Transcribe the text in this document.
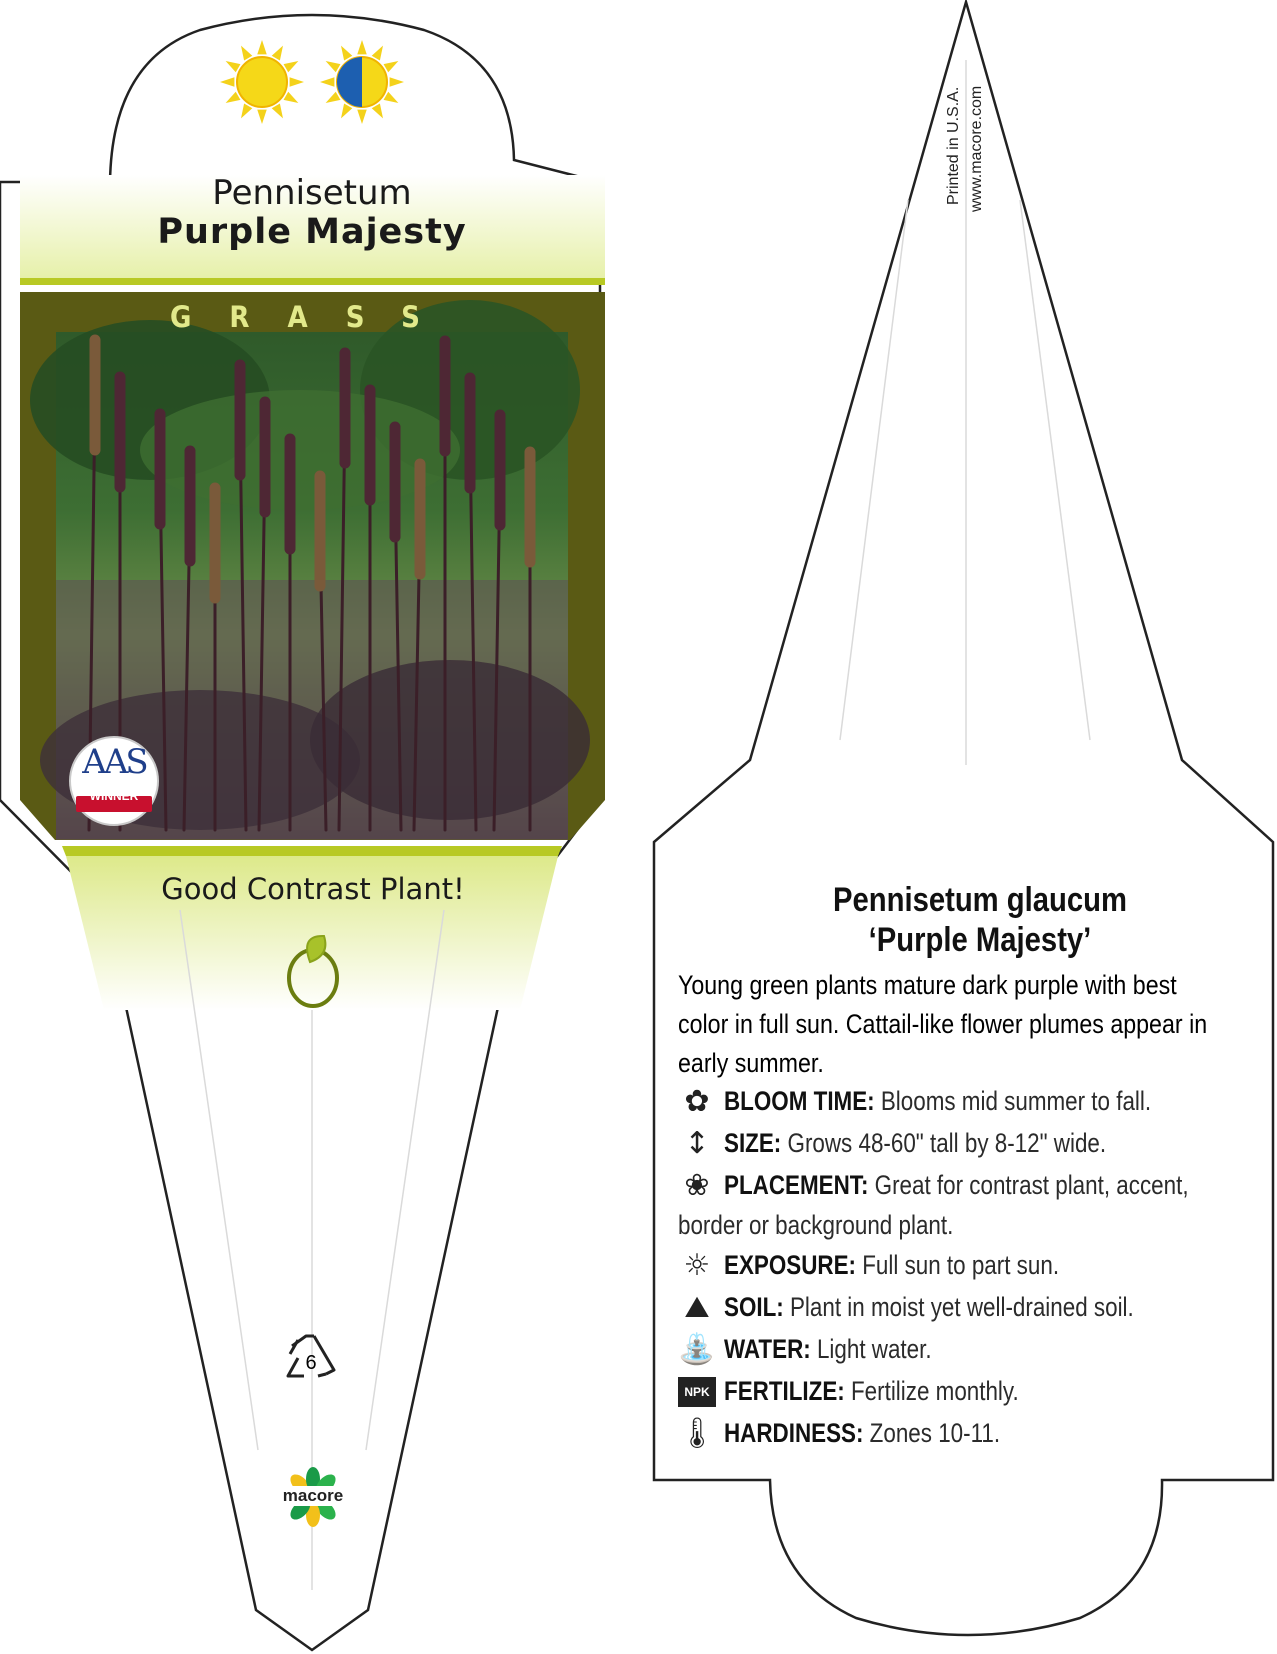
Pennisetum
Purple Majesty
GRASS
Good Contrast Plant!
AAS
WINNER
6
macore
Printed in U.S.A. www.macore.com
Pennisetum glaucum
‘Purple Majesty’
Young green plants mature dark purple with best color in full sun. Cattail-like flower plumes appear in early summer.
✿ BLOOM TIME: Blooms mid summer to fall.
↕ SIZE: Grows 48-60" tall by 8-12" wide.
❀ PLACEMENT: Great for contrast plant, accent,
border or background plant.
☼ EXPOSURE: Full sun to part sun.
⛰ SOIL: Plant in moist yet well-drained soil.
⛲ WATER: Light water.
NPK FERTILIZE: Fertilize monthly.
🌡 HARDINESS: Zones 10-11.
